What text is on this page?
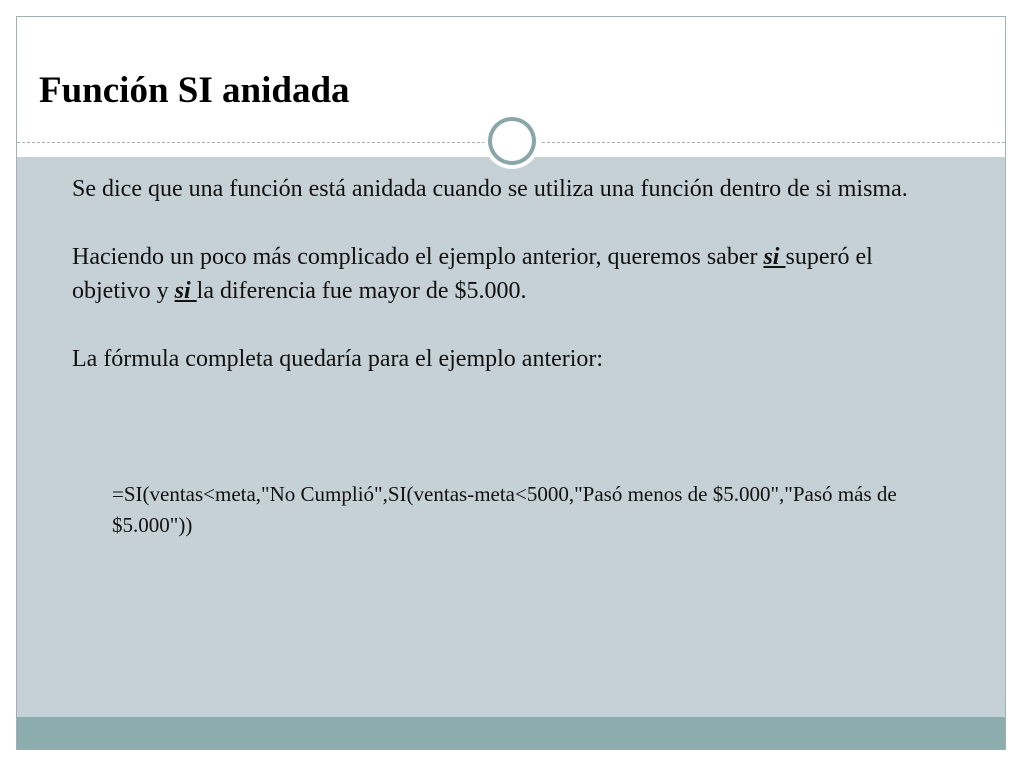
Función SI anidada

Se dice que una función está anidada cuando se utiliza una función dentro de si misma.

Haciendo un poco más complicado el ejemplo anterior, queremos saber si superó el objetivo y si la diferencia fue mayor de $5.000.

La fórmula completa quedaría para el ejemplo anterior:

=SI(ventas<meta,"No Cumplió",SI(ventas-meta<5000,"Pasó menos de $5.000","Pasó más de $5.000"))
